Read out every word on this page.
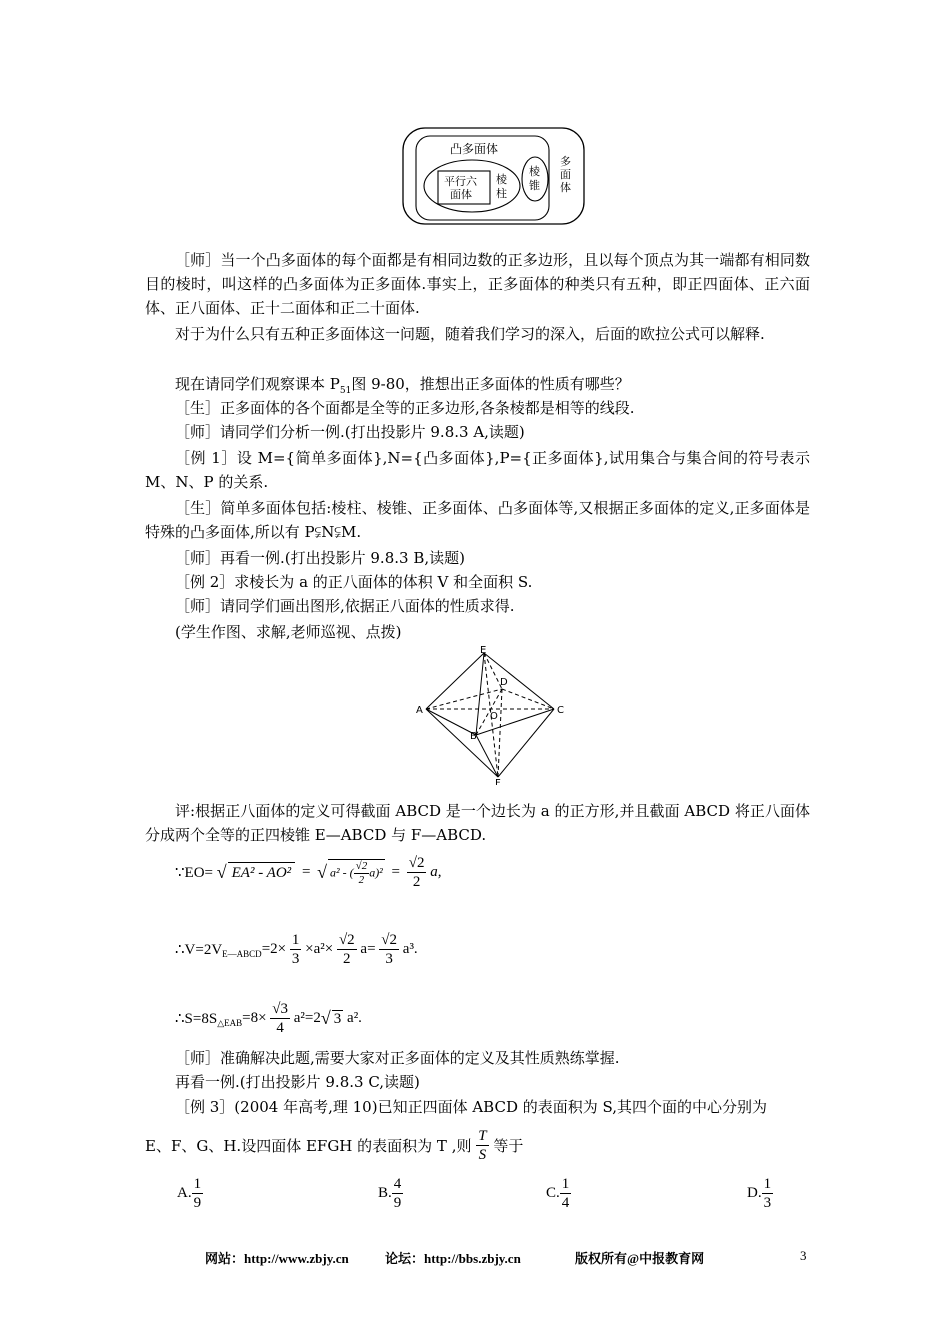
凸多面体
平行六
面体
棱
柱
棱
锥
多
面
体

［师］当一个凸多面体的每个面都是有相同边数的正多边形，且以每个顶点为其一端都有相同数目的棱时，叫这样的凸多面体为正多面体.事实上，正多面体的种类只有五种，即正四面体、正六面体、正八面体、正十二面体和正二十面体.

对于为什么只有五种正多面体这一问题，随着我们学习的深入，后面的欧拉公式可以解释.

现在请同学们观察课本 $P_{51}$图 9-80，推想出正多面体的性质有哪些？
［生］正多面体的各个面都是全等的正多边形,各条棱都是相等的线段.
［师］请同学们分析一例.(打出投影片 9.8.3 A,读题)

［例 1］设 M={简单多面体},N={凸多面体},P={正多面体},试用集合与集合间的符号表示 M、N、P 的关系.

［生］简单多面体包括:棱柱、棱锥、正多面体、凸多面体等,又根据正多面体的定义,正多面体是特殊的凸多面体,所以有 P⫋N⫋M.

［师］再看一例.(打出投影片 9.8.3 B,读题)
［例 2］求棱长为 a 的正八面体的体积 V 和全面积 S.
［师］请同学们画出图形,依据正八面体的性质求得.
(学生作图、求解,老师巡视、点拨)
E
D
A
O
C
B
F

评:根据正八面体的定义可得截面 ABCD 是一个边长为 a 的正方形,并且截面 ABCD 将正八面体分成两个全等的正四棱锥 E—ABCD 与 F—ABCD.

∵EO= √ EA² - AO² = √ a² - ( $\frac{√2}{2} a)^2 = \frac{√2}{2} a$,
$\therefore V=2V_{E—ABCD}=2\times \frac{1}{3} \times a^2\times \frac{√2}{2} a= \frac{√2}{3} a^3$.
$\therefore S=8S_{\triangle EAB}=8\times \frac{√3}{4} a^2=2√$ 3 a².
［师］准确解决此题,需要大家对正多面体的定义及其性质熟练掌握.
再看一例.(打出投影片 9.8.3 C,读题)
［例 3］(2004 年高考,理 10)已知正四面体 ABCD 的表面积为 S,其四个面的中心分别为
E、F、G、H.设四面体 EFGH 的表面积为 T ,则 $\frac{T}{S}$ 等于
A. $\frac{1}{9}$	B. $\frac{4}{9}$	C. $\frac{1}{4}$	D. $\frac{1}{3}$
网站：http://www.zbjy.cn	论坛：http://bbs.zbjy.cn	版权所有@中报教育网	3
